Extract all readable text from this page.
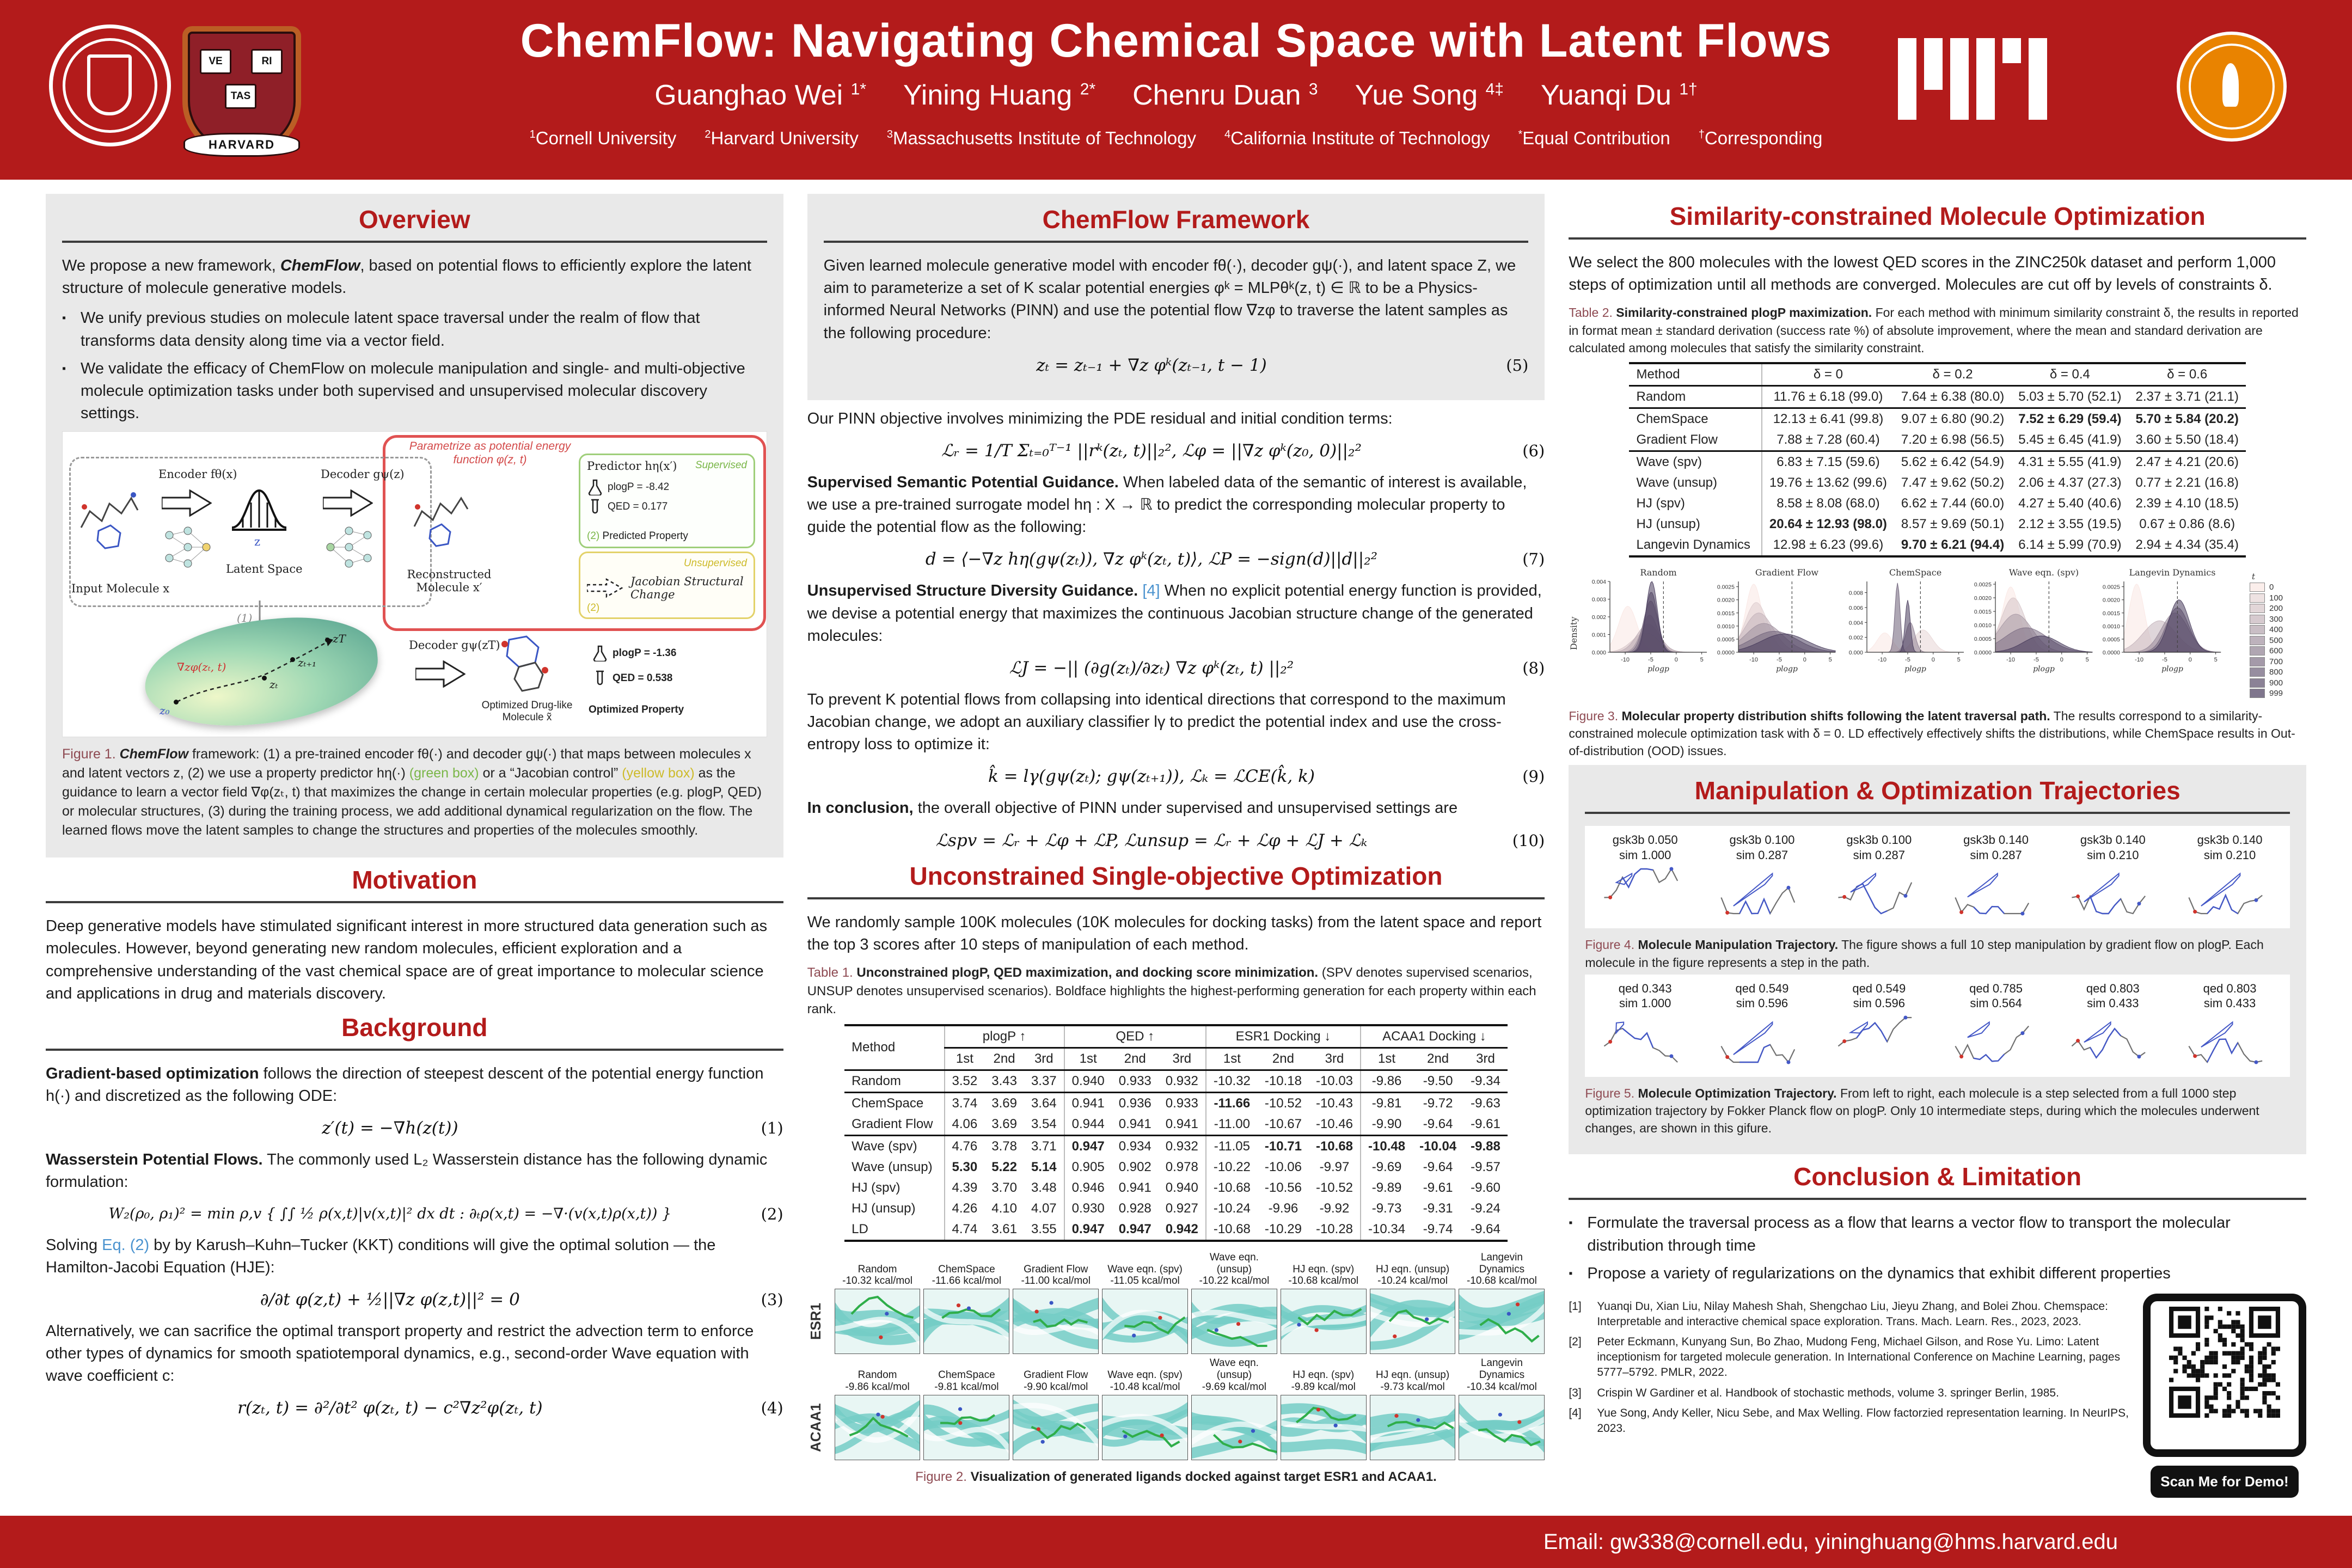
VE	RI
TAS
HARVARD
ChemFlow: Navigating Chemical Space with Latent Flows
Guanghao Wei $^{1*}$ Yining Huang $^{2*}$ Chenru Duan $^3$ Yue Song $^{4\ddagger}$ Yuanqi Du $^{1\dagger}$
$^1$Cornell University	$^2$Harvard University	$^3$Massachusetts Institute of Technology	$^4$California Institute of Technology	*Equal Contribution	†Corresponding
Overview

We propose a new framework, ChemFlow, based on potential flows to efficiently explore the latent structure of molecule generative models.

▪ We unify previous studies on molecule latent space traversal under the realm of flow that transforms data density along time via a vector field.
▪ We validate the efficacy of ChemFlow on molecule manipulation and single- and multi-objective molecule optimization tasks under both supervised and unsupervised molecular discovery settings.
Parametrize as potential energy function φ(z, t)
Input Molecule x
Encoder fθ(x)
z
Latent Space
Decoder gψ(z)
Reconstructed Molecule x′
Predictor hη(x′) Supervised
plogP = -8.42
QED = 0.177
(2) Predicted Property
Unsupervised
Jacobian Structural Change
(2)
(1)
z₀
zₜ
zₜ₊₁
zT
∇zφ(zₜ, t)
Decoder gψ(zT)
Optimized Drug-like Molecule x̃
plogP = -1.36
QED = 0.538
Optimized Property
Figure 1. ChemFlow framework: (1) a pre-trained encoder fθ(·) and decoder gψ(·) that maps between molecules x and latent vectors z, (2) we use a property predictor hη(·) (green box) or a “Jacobian control” (yellow box) as the guidance to learn a vector field ∇φ(zₜ, t) that maximizes the change in certain molecular properties (e.g. plogP, QED) or molecular structures, (3) during the training process, we add additional dynamical regularization on the flow. The learned flows move the latent samples to change the structures and properties of the molecules smoothly.
Motivation

Deep generative models have stimulated significant interest in more structured data generation such as molecules. However, beyond generating new random molecules, efficient exploration and a comprehensive understanding of the vast chemical space are of great importance to molecular science and applications in drug and materials discovery.

Background

Gradient-based optimization follows the direction of steepest descent of the potential energy function h(·) and discretized as the following ODE:

z′(t) = −∇h(z(t))	(1)

Wasserstein Potential Flows. The commonly used L₂ Wasserstein distance has the following dynamic formulation:

W₂(ρ₀, ρ₁)² = min ρ,v { ∫∫ ½ ρ(x,t)|v(x,t)|² dx dt : ∂ₜρ(x,t) = −∇·(v(x,t)ρ(x,t)) }	(2)

Solving Eq. (2) by by Karush–Kuhn–Tucker (KKT) conditions will give the optimal solution — the Hamilton-Jacobi Equation (HJE):

∂/∂t φ(z,t) + ½||∇z φ(z,t)||² = 0	(3)

Alternatively, we can sacrifice the optimal transport property and restrict the advection term to enforce other types of dynamics for smooth spatiotemporal dynamics, e.g., second-order Wave equation with wave coefficient c:

r(zₜ, t) = ∂²/∂t² φ(zₜ, t) − c²∇z²φ(zₜ, t)	(4)
ChemFlow Framework

Given learned molecule generative model with encoder fθ(·), decoder gψ(·), and latent space Z, we aim to parameterize a set of K scalar potential energies φᵏ = MLPθᵏ(z, t) ∈ ℝ to be a Physics-informed Neural Networks (PINN) and use the potential flow ∇zφ to traverse the latent samples as the following procedure:

zₜ = zₜ₋₁ + ∇z φᵏ(zₜ₋₁, t − 1)	(5)

Our PINN objective involves minimizing the PDE residual and initial condition terms:

ℒᵣ = 1/T Σₜ₌₀ᵀ⁻¹ ||rᵏ(zₜ, t)||₂², ℒφ = ||∇z φᵏ(z₀, 0)||₂²	(6)

Supervised Semantic Potential Guidance. When labeled data of the semantic of interest is available, we use a pre-trained surrogate model hη : X → ℝ to predict the corresponding molecular property to guide the potential flow as the following:

d = ⟨−∇z hη(gψ(zₜ)), ∇z φᵏ(zₜ, t)⟩, ℒP = −sign(d)||d||₂²	(7)

Unsupervised Structure Diversity Guidance. [4] When no explicit potential energy function is provided, we devise a potential energy that maximizes the continuous Jacobian structure change of the generated molecules:

ℒJ = −|| (∂g(zₜ)/∂zₜ) ∇z φᵏ(zₜ, t) ||₂²	(8)

To prevent K potential flows from collapsing into identical directions that correspond to the maximum Jacobian change, we adopt an auxiliary classifier lγ to predict the potential index and use the cross-entropy loss to optimize it:

k̂ = lγ(gψ(zₜ); gψ(zₜ₊₁)), ℒₖ = ℒCE(k̂, k)	(9)

In conclusion, the overall objective of PINN under supervised and unsupervised settings are

ℒspv = ℒᵣ + ℒφ + ℒP, ℒunsup = ℒᵣ + ℒφ + ℒJ + ℒₖ	(10)
Unconstrained Single-objective Optimization

We randomly sample 100K molecules (10K molecules for docking tasks) from the latent space and report the top 3 scores after 10 steps of manipulation of each method.

Table 1. Unconstrained plogP, QED maximization, and docking score minimization. (SPV denotes supervised scenarios, UNSUP denotes unsupervised scenarios). Boldface highlights the highest-performing generation for each property within each rank.
Method	plogP ↑			QED ↑			ESR1 Docking ↓			ACAA1 Docking ↓		
	1st	2nd	3rd	1st	2nd	3rd	1st	2nd	3rd	1st	2nd	3rd
Random	3.52	3.43	3.37	0.940	0.933	0.932	-10.32	-10.18	-10.03	-9.86	-9.50	-9.34
ChemSpace	3.74	3.69	3.64	0.941	0.936	0.933	-11.66	-10.52	-10.43	-9.81	-9.72	-9.63
Gradient Flow	4.06	3.69	3.54	0.944	0.941	0.941	-11.00	-10.67	-10.46	-9.90	-9.64	-9.61
Wave (spv)	4.76	3.78	3.71	0.947	0.934	0.932	-11.05	-10.71	-10.68	-10.48	-10.04	-9.88
Wave (unsup)	5.30	5.22	5.14	0.905	0.902	0.978	-10.22	-10.06	-9.97	-9.69	-9.64	-9.57
HJ (spv)	4.39	3.70	3.48	0.946	0.941	0.940	-10.68	-10.56	-10.52	-9.89	-9.61	-9.60
HJ (unsup)	4.26	4.10	4.07	0.930	0.928	0.927	-10.24	-9.96	-9.92	-9.73	-9.31	-9.24
LD	4.74	3.61	3.55	0.947	0.947	0.942	-10.68	-10.29	-10.28	-10.34	-9.74	-9.64
ESR1
Random
-10.32 kcal/mol
ChemSpace
-11.66 kcal/mol
Gradient Flow
-11.00 kcal/mol
Wave eqn. (spv)
-11.05 kcal/mol
Wave eqn. (unsup)
-10.22 kcal/mol
HJ eqn. (spv)
-10.68 kcal/mol
HJ eqn. (unsup)
-10.24 kcal/mol
Langevin Dynamics
-10.68 kcal/mol
ACAA1
Random
-9.86 kcal/mol
ChemSpace
-9.81 kcal/mol
Gradient Flow
-9.90 kcal/mol
Wave eqn. (spv)
-10.48 kcal/mol
Wave eqn. (unsup)
-9.69 kcal/mol
HJ eqn. (spv)
-9.89 kcal/mol
HJ eqn. (unsup)
-9.73 kcal/mol
Langevin Dynamics
-10.34 kcal/mol
Figure 2. Visualization of generated ligands docked against target ESR1 and ACAA1.
Similarity-constrained Molecule Optimization

We select the 800 molecules with the lowest QED scores in the ZINC250k dataset and perform 1,000 steps of optimization until all methods are converged. Molecules are cut off by levels of constraints δ.

Table 2. Similarity-constrained plogP maximization. For each method with minimum similarity constraint δ, the results in reported in format mean ± standard derivation (success rate %) of absolute improvement, where the mean and standard derivation are calculated among molecules that satisfy the similarity constraint.
Method	δ = 0	δ = 0.2	δ = 0.4	δ = 0.6
Random	11.76 ± 6.18 (99.0)	7.64 ± 6.38 (80.0)	5.03 ± 5.70 (52.1)	2.37 ± 3.71 (21.1)
ChemSpace	12.13 ± 6.41 (99.8)	9.07 ± 6.80 (90.2)	7.52 ± 6.29 (59.4)	5.70 ± 5.84 (20.2)
Gradient Flow	7.88 ± 7.28 (60.4)	7.20 ± 6.98 (56.5)	5.45 ± 6.45 (41.9)	3.60 ± 5.50 (18.4)
Wave (spv)	6.83 ± 7.15 (59.6)	5.62 ± 6.42 (54.9)	4.31 ± 5.55 (41.9)	2.47 ± 4.21 (20.6)
Wave (unsup)	19.76 ± 13.62 (99.6)	7.47 ± 9.62 (50.2)	2.06 ± 4.37 (27.3)	0.77 ± 2.21 (16.8)
HJ (spv)	8.58 ± 8.08 (68.0)	6.62 ± 7.44 (60.0)	4.27 ± 5.40 (40.6)	2.39 ± 4.10 (18.5)
HJ (unsup)	20.64 ± 12.93 (98.0)	8.57 ± 9.69 (50.1)	2.12 ± 3.55 (19.5)	0.67 ± 0.86 (8.6)
Langevin Dynamics	12.98 ± 6.23 (99.6)	9.70 ± 6.21 (94.4)	6.14 ± 5.99 (70.9)	2.94 ± 4.34 (35.4)
Density
Random
0.000
0.001
0.002
0.003
0.004
-10	-5	0	5
plogp
Gradient Flow
0.0000
0.0005
0.0010
0.0015
0.0020
0.0025
-10	-5	0	5
plogp
ChemSpace
0.000
0.002
0.004
0.006
0.008
-10	-5	0	5
plogp
Wave eqn. (spv)
0.0000
0.0005
0.0010
0.0015
0.0020
0.0025
-10	-5	0	5
plogp
Langevin Dynamics
0.0000
0.0005
0.0010
0.0015
0.0020
0.0025
-10	-5	0	5
plogp
t
0
100
200
300
400
500
600
700
800
900
999
Figure 3. Molecular property distribution shifts following the latent traversal path. The results correspond to a similarity-constrained molecule optimization task with δ = 0. LD effectively effectively shifts the distributions, while ChemSpace results in Out-of-distribution (OOD) issues.
Manipulation & Optimization Trajectories
gsk3b 0.050
sim 1.000
gsk3b 0.100
sim 0.287
gsk3b 0.100
sim 0.287
gsk3b 0.140
sim 0.287
gsk3b 0.140
sim 0.210
gsk3b 0.140
sim 0.210
Figure 4. Molecule Manipulation Trajectory. The figure shows a full 10 step manipulation by gradient flow on plogP. Each molecule in the figure represents a step in the path.
qed 0.343
sim 1.000
qed 0.549
sim 0.596
qed 0.549
sim 0.596
qed 0.785
sim 0.564
qed 0.803
sim 0.433
qed 0.803
sim 0.433
Figure 5. Molecule Optimization Trajectory. From left to right, each molecule is a step selected from a full 1000 step optimization trajectory by Fokker Planck flow on plogP. Only 10 intermediate steps, during which the molecules underwent changes, are shown in this gifure.
Conclusion & Limitation
▪ Formulate the traversal process as a flow that learns a vector flow to transport the molecular distribution through time
▪ Propose a variety of regularizations on the dynamics that exhibit different properties
[1]	Yuanqi Du, Xian Liu, Nilay Mahesh Shah, Shengchao Liu, Jieyu Zhang, and Bolei Zhou. Chemspace: Interpretable and interactive chemical space exploration. Trans. Mach. Learn. Res., 2023, 2023.
[2]	Peter Eckmann, Kunyang Sun, Bo Zhao, Mudong Feng, Michael Gilson, and Rose Yu. Limo: Latent inceptionism for targeted molecule generation. In International Conference on Machine Learning, pages 5777–5792. PMLR, 2022.
[3]	Crispin W Gardiner et al. Handbook of stochastic methods, volume 3. springer Berlin, 1985.
[4]	Yue Song, Andy Keller, Nicu Sebe, and Max Welling. Flow factorzied representation learning. In NeurIPS, 2023.
Scan Me for Demo!
Email: gw338@cornell.edu, yininghuang@hms.harvard.edu
